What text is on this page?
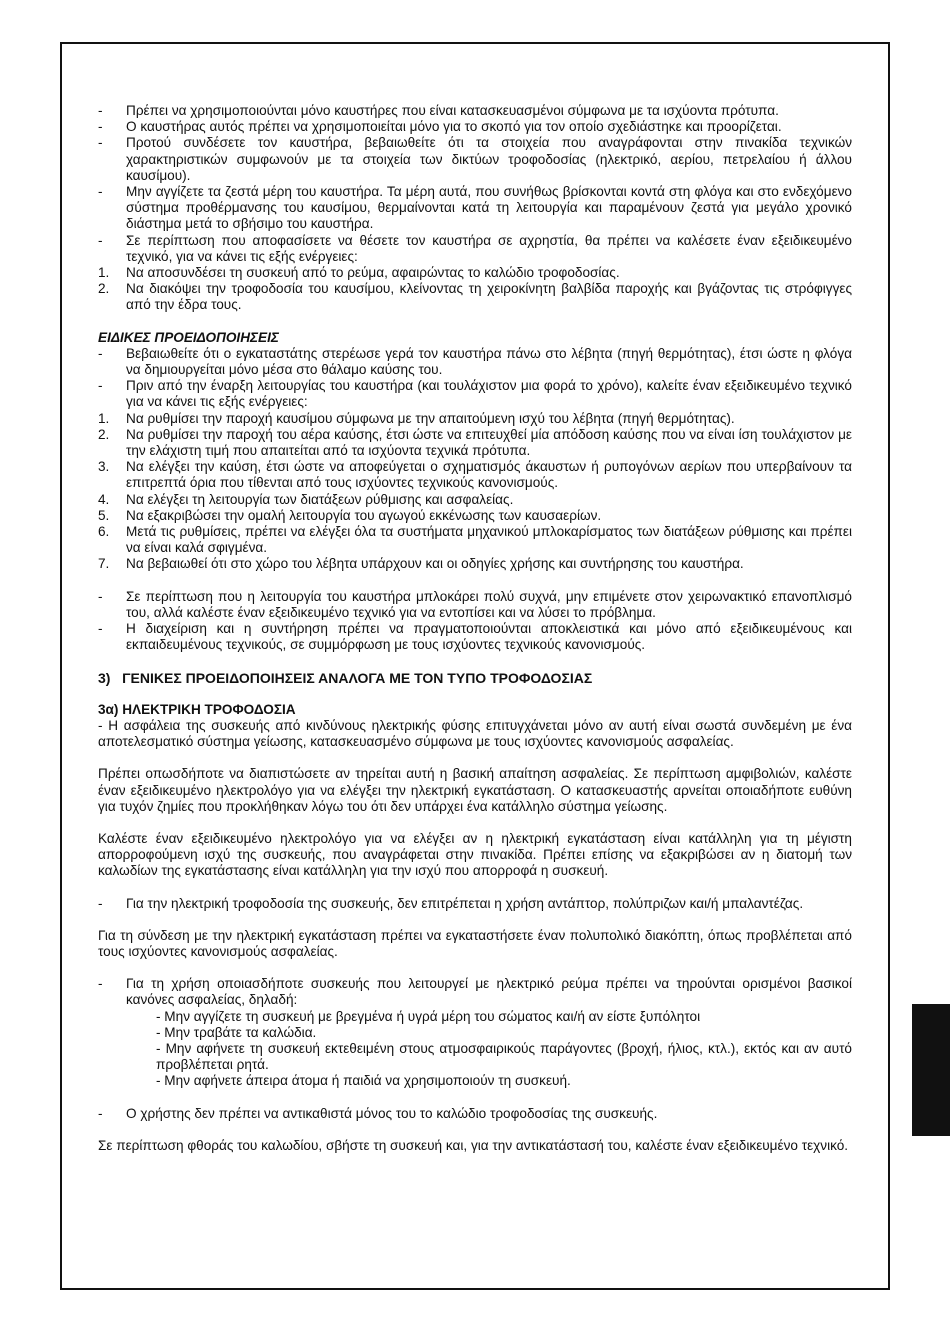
-	Πρέπει να χρησιμοποιούνται μόνο καυστήρες που είναι κατασκευασμένοι σύμφωνα με τα ισχύοντα πρότυπα.
-	Ο καυστήρας αυτός πρέπει να χρησιμοποιείται μόνο για το σκοπό για τον οποίο σχεδιάστηκε και προορίζεται.
-	Προτού συνδέσετε τον καυστήρα, βεβαιωθείτε ότι τα στοιχεία που αναγράφονται στην πινακίδα τεχνικών χαρακτηριστικών συμφωνούν με τα στοιχεία των δικτύων τροφοδοσίας (ηλεκτρικό, αερίου, πετρελαίου ή άλλου καυσίμου).
-	Μην αγγίζετε τα ζεστά μέρη του καυστήρα. Τα μέρη αυτά, που συνήθως βρίσκονται κοντά στη φλόγα και στο ενδεχόμενο σύστημα προθέρμανσης του καυσίμου, θερμαίνονται κατά τη λειτουργία και παραμένουν ζεστά για μεγάλο χρονικό διάστημα μετά το σβήσιμο του καυστήρα.
-	Σε περίπτωση που αποφασίσετε να θέσετε τον καυστήρα σε αχρηστία, θα πρέπει να καλέσετε έναν εξειδικευμένο τεχνικό, για να κάνει τις εξής ενέργειες:
1.	Να αποσυνδέσει τη συσκευή από το ρεύμα, αφαιρώντας το καλώδιο τροφοδοσίας.
2.	Να διακόψει την τροφοδοσία του καυσίμου, κλείνοντας τη χειροκίνητη βαλβίδα παροχής και βγάζοντας τις στρόφιγγες από την έδρα τους.
ΕΙΔΙΚΕΣ ΠΡΟΕΙΔΟΠΟΙΗΣΕΙΣ
-	Βεβαιωθείτε ότι ο εγκαταστάτης στερέωσε γερά τον καυστήρα πάνω στο λέβητα (πηγή θερμότητας), έτσι ώστε η φλόγα να δημιουργείται μόνο μέσα στο θάλαμο καύσης του.
-	Πριν από την έναρξη λειτουργίας του καυστήρα (και τουλάχιστον μια φορά το χρόνο), καλείτε έναν εξειδικευμένο τεχνικό για να κάνει τις εξής ενέργειες:
1.	Να ρυθμίσει την παροχή καυσίμου σύμφωνα με την απαιτούμενη ισχύ του λέβητα (πηγή θερμότητας).
2.	Να ρυθμίσει την παροχή του αέρα καύσης, έτσι ώστε να επιτευχθεί μία απόδοση καύσης που να είναι ίση τουλάχιστον με την ελάχιστη τιμή που απαιτείται από τα ισχύοντα τεχνικά πρότυπα.
3.	Να ελέγξει την καύση, έτσι ώστε να αποφεύγεται ο σχηματισμός άκαυστων ή ρυπογόνων αερίων που υπερβαίνουν τα επιτρεπτά όρια που τίθενται από τους ισχύοντες τεχνικούς κανονισμούς.
4.	Να ελέγξει τη λειτουργία των διατάξεων ρύθμισης και ασφαλείας.
5.	Να εξακριβώσει την ομαλή λειτουργία του αγωγού εκκένωσης των καυσαερίων.
6.	Μετά τις ρυθμίσεις, πρέπει να ελέγξει όλα τα συστήματα μηχανικού μπλοκαρίσματος των διατάξεων ρύθμισης και πρέπει να είναι καλά σφιγμένα.
7.	Να βεβαιωθεί ότι στο χώρο του λέβητα υπάρχουν και οι οδηγίες χρήσης και συντήρησης του καυστήρα.
-	Σε περίπτωση που η λειτουργία του καυστήρα μπλοκάρει πολύ συχνά, μην επιμένετε στον χειρωνακτικό επανοπλισμό του, αλλά καλέστε έναν εξειδικευμένο τεχνικό για να εντοπίσει και να λύσει το πρόβλημα.
-	Η διαχείριση και η συντήρηση πρέπει να πραγματοποιούνται αποκλειστικά και μόνο από εξειδικευμένους και εκπαιδευμένους τεχνικούς, σε συμμόρφωση με τους ισχύοντες τεχνικούς κανονισμούς.
3)   ΓΕΝΙΚΕΣ ΠΡΟΕΙΔΟΠΟΙΗΣΕΙΣ ΑΝΑΛΟΓΑ ΜΕ ΤΟΝ ΤΥΠΟ ΤΡΟΦΟΔΟΣΙΑΣ
3α) ΗΛΕΚΤΡΙΚΗ ΤΡΟΦΟΔΟΣΙΑ

- Η ασφάλεια της συσκευής από κινδύνους ηλεκτρικής φύσης επιτυγχάνεται μόνο αν αυτή είναι σωστά συνδεμένη με ένα αποτελεσματικό σύστημα γείωσης, κατασκευασμένο σύμφωνα με τους ισχύοντες κανονισμούς ασφαλείας.

Πρέπει οπωσδήποτε να διαπιστώσετε αν τηρείται αυτή η βασική απαίτηση ασφαλείας. Σε περίπτωση αμφιβολιών, καλέστε έναν εξειδικευμένο ηλεκτρολόγο για να ελέγξει την ηλεκτρική εγκατάσταση. Ο κατασκευαστής αρνείται οποιαδήποτε ευθύνη για τυχόν ζημίες που προκλήθηκαν λόγω του ότι δεν υπάρχει ένα κατάλληλο σύστημα γείωσης.

Καλέστε έναν εξειδικευμένο ηλεκτρολόγο για να ελέγξει αν η ηλεκτρική εγκατάσταση είναι κατάλληλη για τη μέγιστη απορροφούμενη ισχύ της συσκευής, που αναγράφεται στην πινακίδα. Πρέπει επίσης να εξακριβώσει αν η διατομή των καλωδίων της εγκατάστασης είναι κατάλληλη για την ισχύ που απορροφά η συσκευή.

-	Για την ηλεκτρική τροφοδοσία της συσκευής, δεν επιτρέπεται η χρήση αντάπτορ, πολύπριζων και/ή μπαλαντέζας.

Για τη σύνδεση με την ηλεκτρική εγκατάσταση πρέπει να εγκαταστήσετε έναν πολυπολικό διακόπτη, όπως προβλέπεται από τους ισχύοντες κανονισμούς ασφαλείας.

-	Για τη χρήση οποιασδήποτε συσκευής που λειτουργεί με ηλεκτρικό ρεύμα πρέπει να τηρούνται ορισμένοι βασικοί κανόνες ασφαλείας, δηλαδή:
- Μην αγγίζετε τη συσκευή με βρεγμένα ή υγρά μέρη του σώματος και/ή αν είστε ξυπόλητοι
- Μην τραβάτε τα καλώδια.
- Μην αφήνετε τη συσκευή εκτεθειμένη στους ατμοσφαιρικούς παράγοντες (βροχή, ήλιος, κτλ.), εκτός και αν αυτό προβλέπεται ρητά.
- Μην αφήνετε άπειρα άτομα ή παιδιά να χρησιμοποιούν τη συσκευή.
-	Ο χρήστης δεν πρέπει να αντικαθιστά μόνος του το καλώδιο τροφοδοσίας της συσκευής.

Σε περίπτωση φθοράς του καλωδίου, σβήστε τη συσκευή και, για την αντικατάστασή του, καλέστε έναν εξειδικευμένο τεχνικό.
